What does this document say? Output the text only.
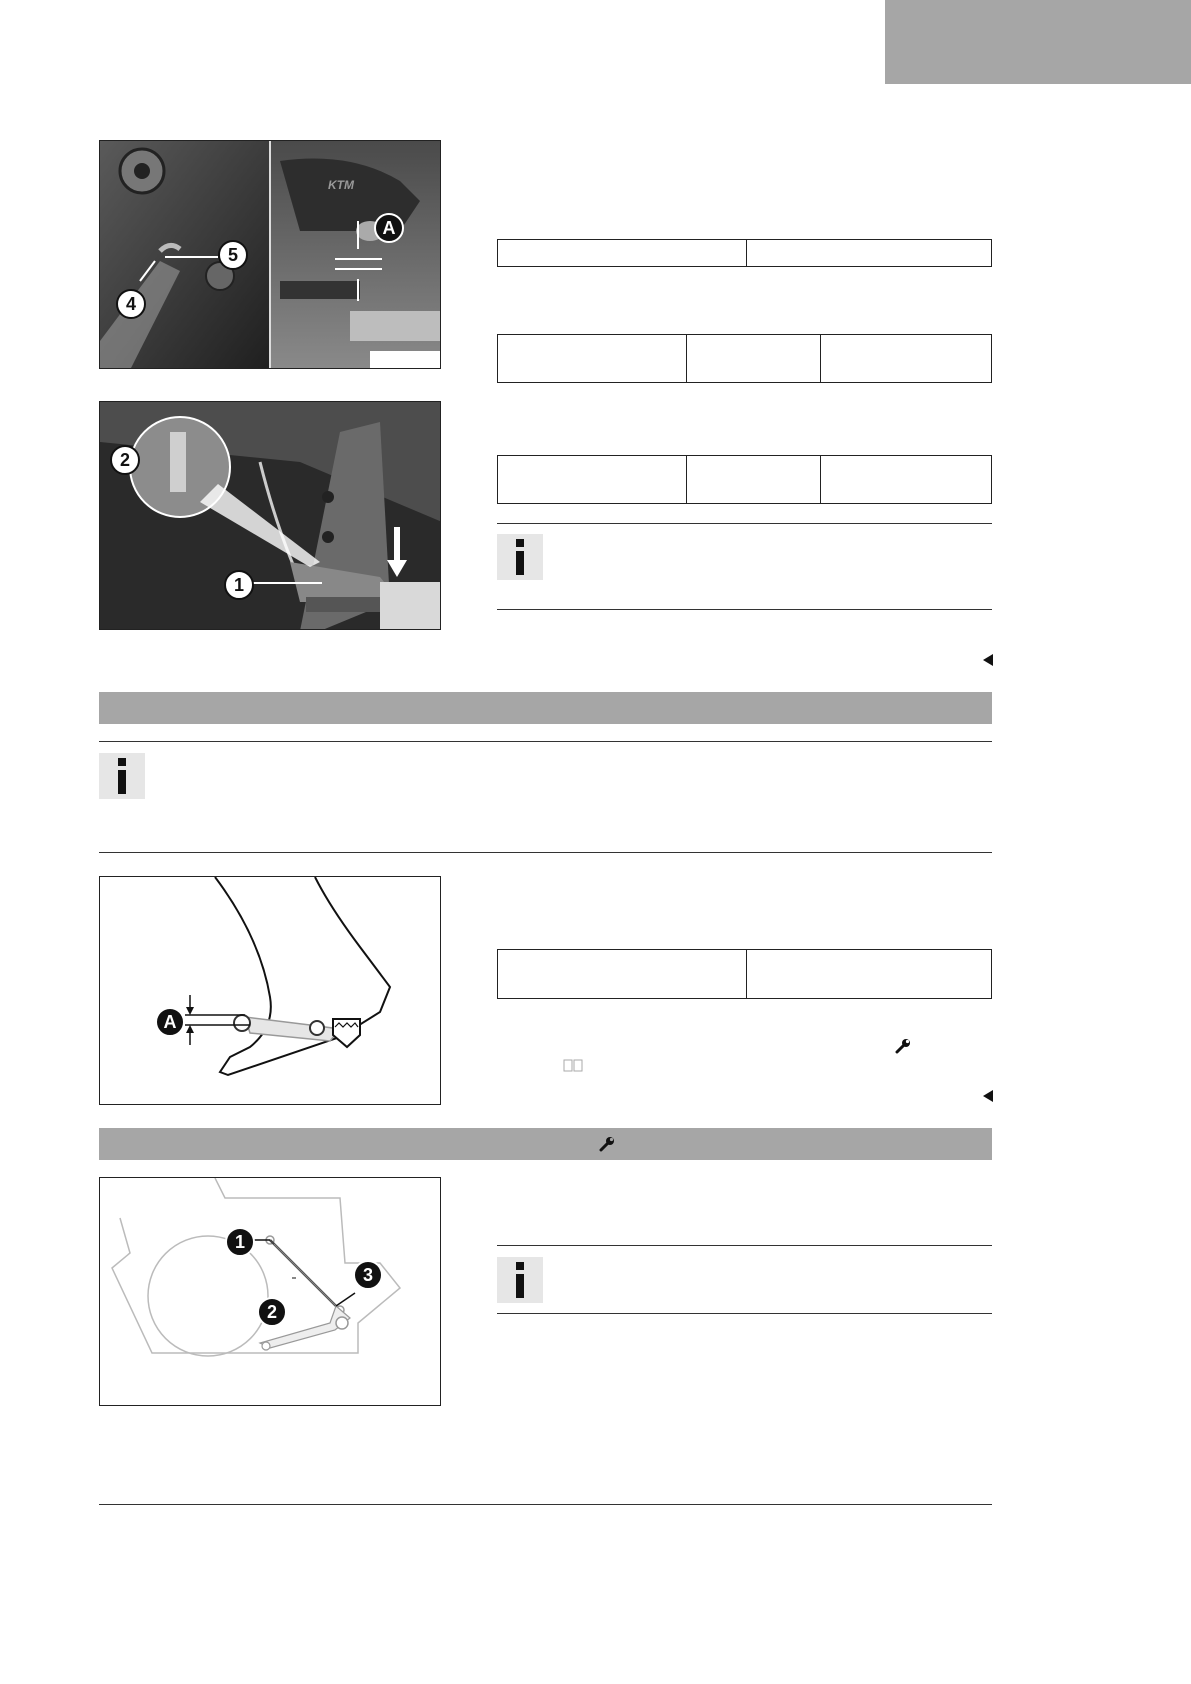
KTM
5
4
A
2
1

A

1
2
3
